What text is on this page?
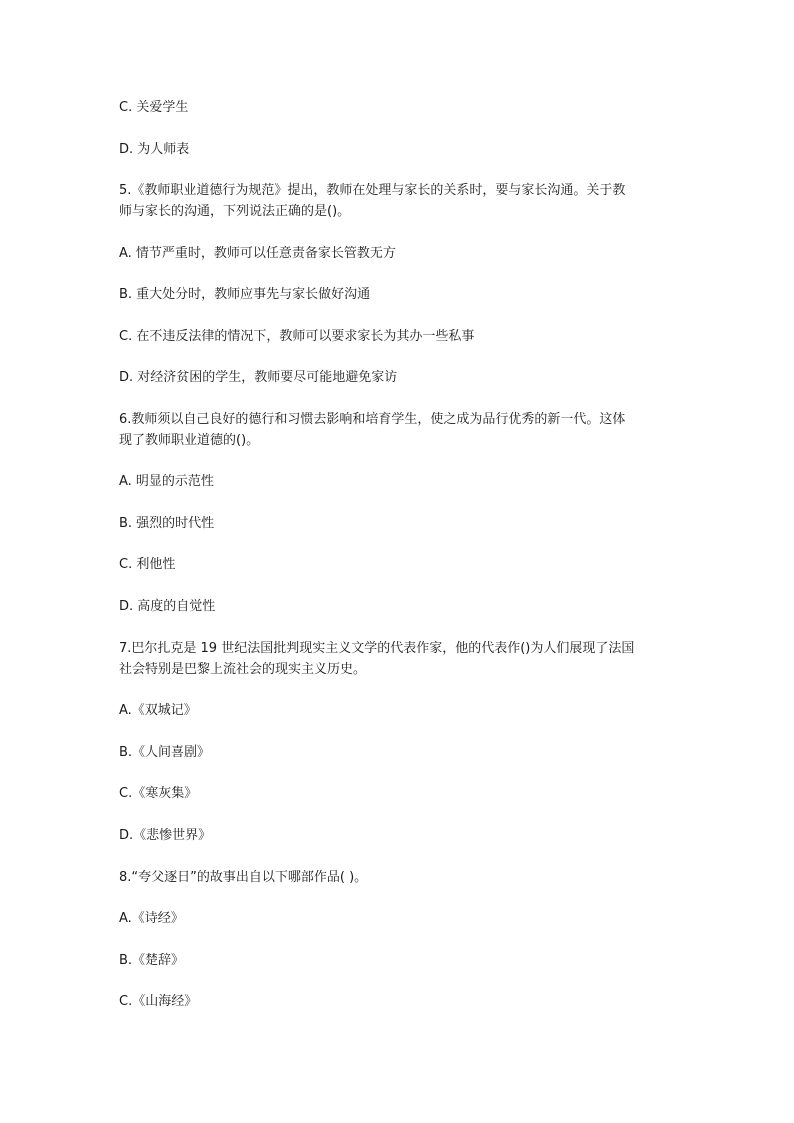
C. 关爱学生
D. 为人师表
5.《教师职业道德行为规范》提出，教师在处理与家长的关系时，要与家长沟通。关于教
师与家长的沟通，下列说法正确的是()。
A. 情节严重时，教师可以任意责备家长管教无方
B. 重大处分时，教师应事先与家长做好沟通
C. 在不违反法律的情况下，教师可以要求家长为其办一些私事
D. 对经济贫困的学生，教师要尽可能地避免家访
6.教师须以自己良好的德行和习惯去影响和培育学生，使之成为品行优秀的新一代。这体
现了教师职业道德的()。
A. 明显的示范性
B. 强烈的时代性
C. 利他性
D. 高度的自觉性
7.巴尔扎克是 19 世纪法国批判现实主义文学的代表作家，他的代表作()为人们展现了法国
社会特别是巴黎上流社会的现实主义历史。
A.《双城记》
B.《人间喜剧》
C.《寒灰集》
D.《悲惨世界》
8.“夸父逐日”的故事出自以下哪部作品( )。
A.《诗经》
B.《楚辞》
C.《山海经》
